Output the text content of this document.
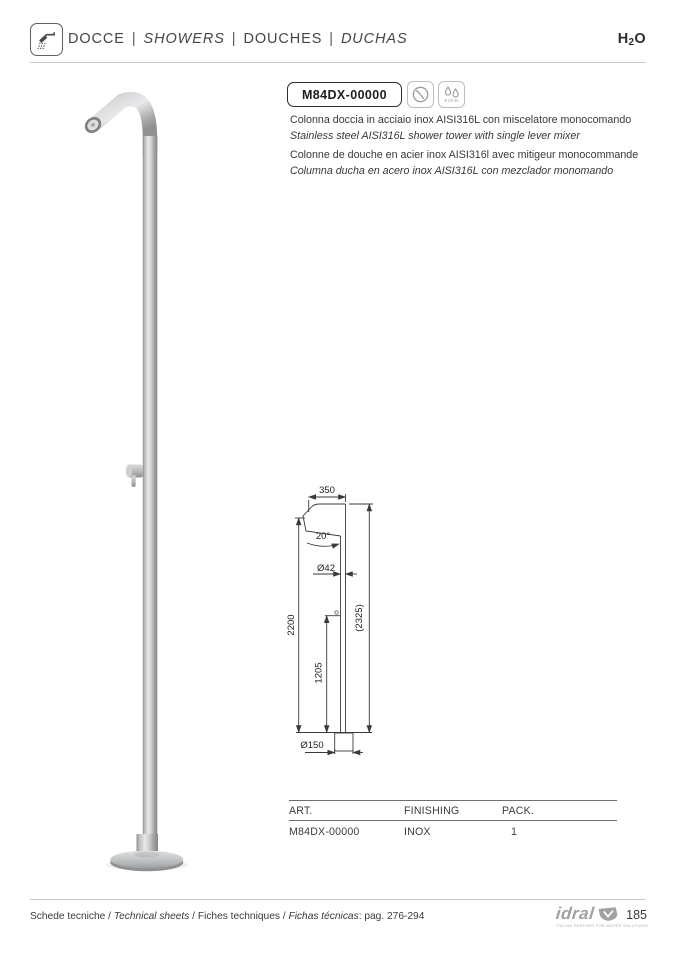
DOCCE | SHOWERS | DOUCHES | DUCHAS	H2O
M84DX-00000	8 l/min
Colonna doccia in acciaio inox AISI316L con miscelatore monocomando
Stainless steel AISI316L shower tower with single lever mixer
Colonne de douche en acier inox AISI316l avec mitigeur monocommande
Columna ducha en acero inox AISI316L con mezclador monomando
350
20°
Ø42
2200
1205
(2325)
Ø150
ART.	FINISHING	PACK.
M84DX-00000	INOX	1
Schede tecniche / Technical sheets / Fiches techniques / Fichas técnicas: pag. 276-294	idral
ITALIAN PARTNER FOR WATER SOLUTIONS
185
